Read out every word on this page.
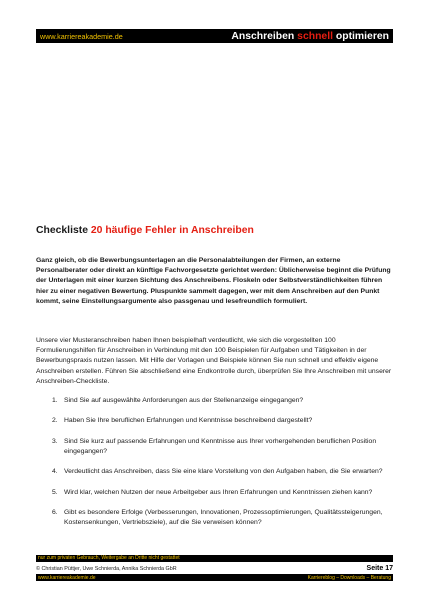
www.karriereakademie.de	Anschreiben schnell optimieren
Checkliste 20 häufige Fehler in Anschreiben

Ganz gleich, ob die Bewerbungsunterlagen an die Personalabteilungen der Firmen, an externe Personalberater oder direkt an künftige Fachvorgesetzte gerichtet werden: Üblicherweise beginnt die Prüfung der Unterlagen mit einer kurzen Sichtung des Anschreibens. Floskeln oder Selbstverständlichkeiten führen hier zu einer negativen Bewertung. Pluspunkte sammelt dagegen, wer mit dem Anschreiben auf den Punkt kommt, seine Einstellungsargumente also passgenau und lesefreundlich formuliert.

Unsere vier Musteranschreiben haben Ihnen beispielhaft verdeutlicht, wie sich die vorgestellten 100 Formulierungshilfen für Anschreiben in Verbindung mit den 100 Beispielen für Aufgaben und Tätigkeiten in der Bewerbungspraxis nutzen lassen. Mit Hilfe der Vorlagen und Beispiele können Sie nun schnell und effektiv eigene Anschreiben erstellen. Führen Sie abschließend eine Endkontrolle durch, überprüfen Sie Ihre Anschreiben mit unserer Anschreiben-Checkliste.

1. Sind Sie auf ausgewählte Anforderungen aus der Stellenanzeige eingegangen?
2. Haben Sie Ihre beruflichen Erfahrungen und Kenntnisse beschreibend dargestellt?
3. Sind Sie kurz auf passende Erfahrungen und Kenntnisse aus Ihrer vorhergehenden beruflichen Position eingegangen?
4. Verdeutlicht das Anschreiben, dass Sie eine klare Vorstellung von den Aufgaben haben, die Sie erwarten?
5. Wird klar, welchen Nutzen der neue Arbeitgeber aus Ihren Erfahrungen und Kenntnissen ziehen kann?
6. Gibt es besondere Erfolge (Verbesserungen, Innovationen, Prozessoptimierungen, Qualitätssteigerungen, Kostensenkungen, Vertriebsziele), auf die Sie verweisen können?
nur zum privaten Gebrauch, Weitergabe an Dritte nicht gestattet
© Christian Püttjer, Uwe Schnierda, Annika Schnierda GbR	Seite 17
www.karriereakademie.de	Karriereblog – Downloads – Beratung
